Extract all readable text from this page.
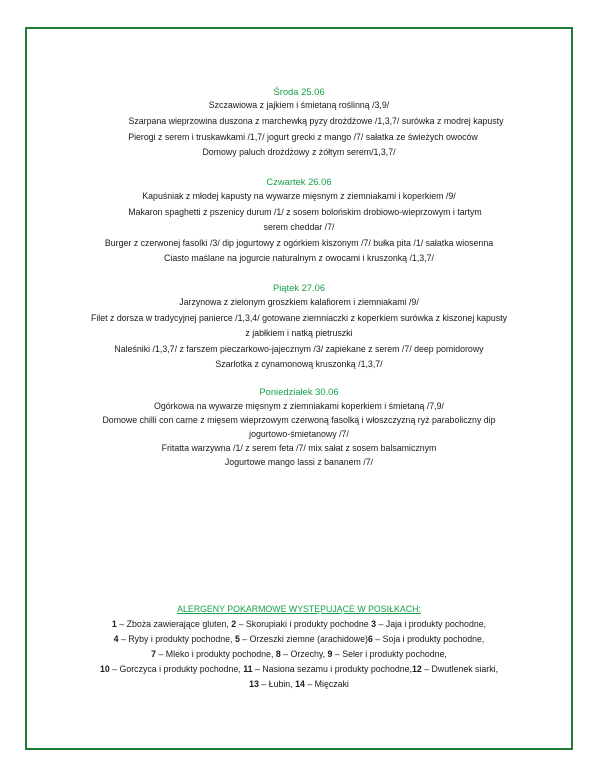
Środa 25.06
Szczawiowa z jajkiem i śmietaną roślinną /3,9/
Szarpana wieprzowina duszona z marchewką pyzy drożdżowe /1,3,7/ surówka z modrej kapusty
Pierogi z serem i truskawkami /1,7/ jogurt grecki z mango /7/ sałatka ze świeżych owoców
Domowy paluch drożdżowy z żółtym serem/1,3,7/
Czwartek 26.06
Kapuśniak z młodej kapusty na wywarze mięsnym z ziemniakami i koperkiem /9/
Makaron spaghetti z pszenicy durum /1/ z sosem bolońskim drobiowo-wieprzowym i tartym
serem cheddar /7/
Burger z czerwonej fasolki /3/ dip jogurtowy z ogórkiem kiszonym /7/ bułka pita /1/ sałatka wiosenna
Ciasto maślane na jogurcie naturalnym z owocami i kruszonką /1,3,7/
Piątek 27.06
Jarzynowa z zielonym groszkiem kalafiorem i ziemniakami /9/
Filet z dorsza w tradycyjnej panierce /1,3,4/ gotowane ziemniaczki z koperkiem surówka z kiszonej kapusty
z jabłkiem i natką pietruszki
Naleśniki /1,3,7/ z farszem pieczarkowo-jajecznym /3/ zapiekane z serem /7/ deep pomidorowy
Szarlotka z cynamonową kruszonką /1,3,7/
Poniedziałek 30.06
Ogórkowa na wywarze mięsnym z ziemniakami koperkiem i śmietaną /7,9/
Domowe chilli con carne z mięsem wieprzowym czerwoną fasolką i włoszczyzną ryż paraboliczny dip
jogurtowo-śmietanowy /7/
Fritatta warzywna /1/ z serem feta /7/ mix sałat z sosem balsamicznym
Jogurtowe mango lassi z bananem /7/
ALERGENY POKARMOWE WYSTĘPUJĄCE W POSIŁKACH:
1 – Zboża zawierające gluten, 2 – Skorupiaki i produkty pochodne 3 – Jaja i produkty pochodne,
4 – Ryby i produkty pochodne, 5 – Orzeszki ziemne (arachidowe)6 – Soja i produkty pochodne,
7 – Mleko i produkty pochodne, 8 – Orzechy, 9 – Seler i produkty pochodne,
10 – Gorczyca i produkty pochodne, 11 – Nasiona sezamu i produkty pochodne,12 – Dwutlenek siarki,
13 – Łubin, 14 – Mięczaki
